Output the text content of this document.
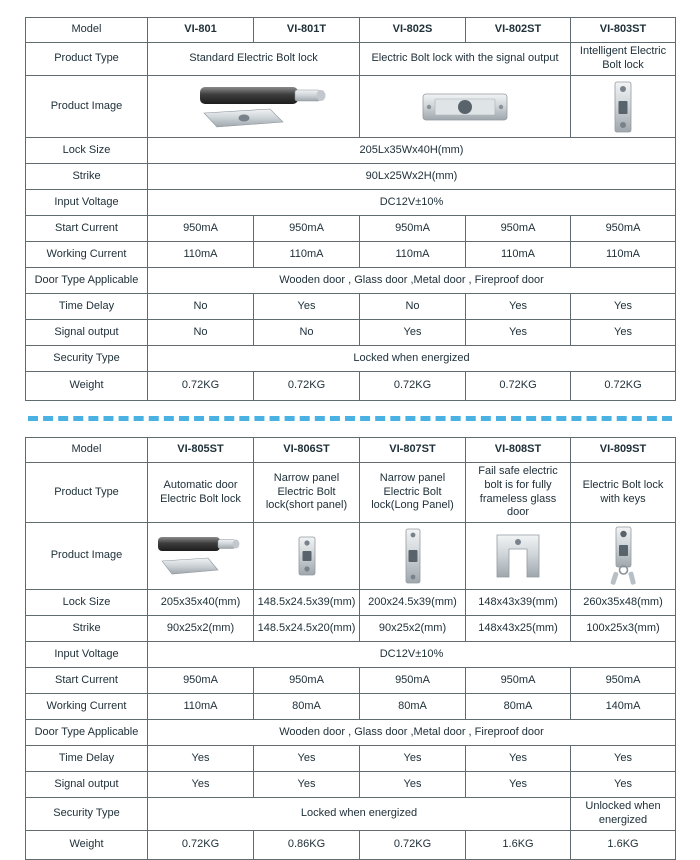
Model	VI-801	VI-801T	VI-802S	VI-802ST	VI-803ST
Product Type	Standard Electric Bolt lock		Electric Bolt lock with the signal output		Intelligent Electric Bolt lock
Product Image	

Lock Size	205Lx35Wx40H(mm)				
Strike	90Lx25Wx2H(mm)				
Input Voltage	DC12V±10%				
Start Current	950mA	950mA	950mA	950mA	950mA
Working Current	110mA	110mA	110mA	110mA	110mA
Door Type Applicable	Wooden door , Glass door ,Metal door , Fireproof door				
Time Delay	No	Yes	No	Yes	Yes
Signal output	No	No	Yes	Yes	Yes
Security Type	Locked when energized				
Weight	0.72KG	0.72KG	0.72KG	0.72KG	0.72KG
Model	VI-805ST	VI-806ST	VI-807ST	VI-808ST	VI-809ST
Product Type	Automatic door Electric Bolt lock	Narrow panel Electric Bolt lock(short panel)	Narrow panel Electric Bolt lock(Long Panel)	Fail safe electric bolt is for fully frameless glass door	Electric Bolt lock with keys
Product Image	

Lock Size	205x35x40(mm)	148.5x24.5x39(mm)	200x24.5x39(mm)	148x43x39(mm)	260x35x48(mm)
Strike	90x25x2(mm)	148.5x24.5x20(mm)	90x25x2(mm)	148x43x25(mm)	100x25x3(mm)
Input Voltage	DC12V±10%				
Start Current	950mA	950mA	950mA	950mA	950mA
Working Current	110mA	80mA	80mA	80mA	140mA
Door Type Applicable	Wooden door , Glass door ,Metal door , Fireproof door				
Time Delay	Yes	Yes	Yes	Yes	Yes
Signal output	Yes	Yes	Yes	Yes	Yes
Security Type	Locked when energized				Unlocked when energized
Weight	0.72KG	0.86KG	0.72KG	1.6KG	1.6KG
